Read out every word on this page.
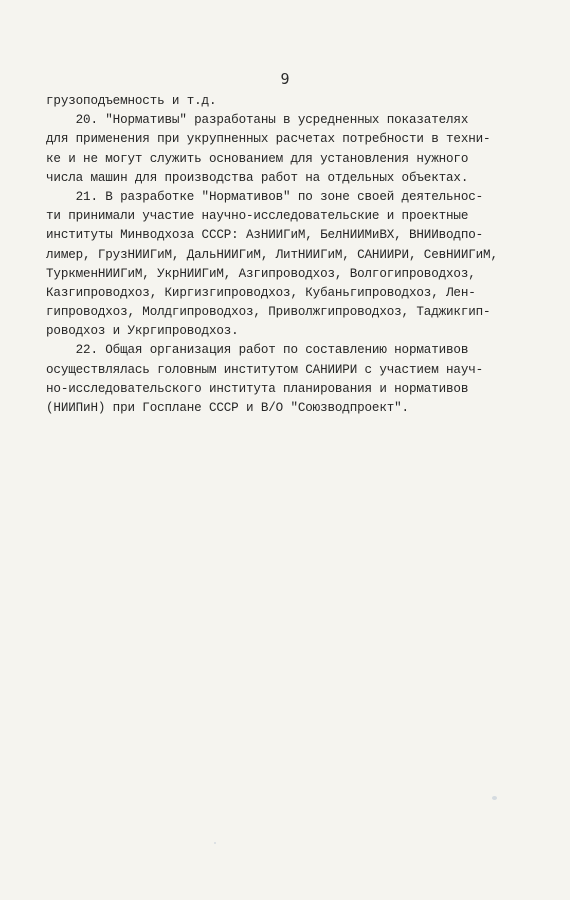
9
грузоподъемность и т.д.
20. "Нормативы" разработаны в усредненных показателях
для применения при укрупненных расчетах потребности в техни-
ке и не могут служить основанием для установления нужного
числа машин для производства работ на отдельных объектах.
21. В разработке "Нормативов" по зоне своей деятельнос-
ти принимали участие научно-исследовательские и проектные
институты Минводхоза СССР: АзНИИГиМ, БелНИИМиВХ, ВНИИводпо-
лимер, ГрузНИИГиМ, ДальНИИГиМ, ЛитНИИГиМ, САНИИРИ, СевНИИГиМ,
ТуркменНИИГиМ, УкрНИИГиМ, Азгипроводхоз, Волгогипроводхоз,
Казгипроводхоз, Киргизгипроводхоз, Кубаньгипроводхоз, Лен-
гипроводхоз, Молдгипроводхоз, Приволжгипроводхоз, Таджикгип-
роводхоз и Укргипроводхоз.
22. Общая организация работ по составлению нормативов
осуществлялась головным институтом САНИИРИ с участием науч-
но-исследовательского института планирования и нормативов
(НИИПиН) при Госплане СССР и В/О "Союзводпроект".
